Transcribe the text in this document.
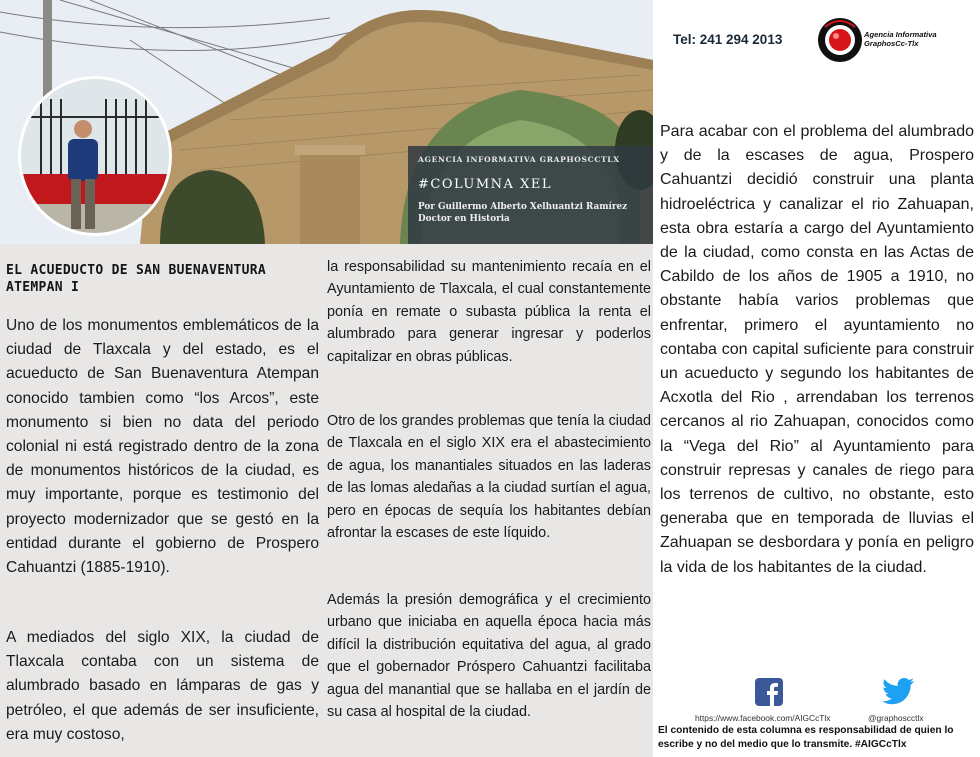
AGENCIA INFORMATIVA GRAPHOSCCTLX
#COLUMNA XEL
Por Guillermo Alberto Xelhuantzi Ramírez
Doctor en Historia
EL ACUEDUCTO DE SAN BUENAVENTURA
ATEMPAN I

Uno de los monumentos emblemáticos de la ciudad de Tlaxcala y del estado, es el acueducto de San Buenaventura Atempan conocido tambien como “los Arcos”, este monumento si bien no data del periodo colonial ni está registrado dentro de la zona de monumentos históricos de la ciudad, es muy importante, porque es testimonio del proyecto modernizador que se gestó en la entidad durante el gobierno de Prospero Cahuantzi (1885-1910).

A mediados del siglo XIX, la ciudad de Tlaxcala contaba con un sistema de alumbrado basado en lámparas de gas y petróleo, el que además de ser insuficiente, era muy costoso,

la responsabilidad su mantenimiento recaía en el Ayuntamiento de Tlaxcala, el cual constantemente ponía en remate o subasta pública la renta el alumbrado para generar ingresar y poderlos capitalizar en obras públicas.

Otro de los grandes problemas que tenía la ciudad de Tlaxcala en el siglo XIX era el abastecimiento de agua, los manantiales situados en las laderas de las lomas aledañas a la ciudad surtían el agua, pero en épocas de sequía los habitantes debían afrontar la escases de este líquido.

Además la presión demográfica y el crecimiento urbano que iniciaba en aquella época hacia más difícil la distribución equitativa del agua, al grado que el gobernador Próspero Cahuantzi facilitaba agua del manantial que se hallaba en el jardín de su casa al hospital de la ciudad.

Tel: 241 294 2013	Agencia Informativa
GraphosCc-Tlx

Para acabar con el problema del alumbrado y de la escases de agua, Prospero Cahuantzi decidió construir una planta hidroeléctrica y canalizar el rio Zahuapan, esta obra estaría a cargo del Ayuntamiento de la ciudad, como consta en las Actas de Cabildo de los años de 1905 a 1910, no obstante había varios problemas que enfrentar, primero el ayuntamiento no contaba con capital suficiente para construir un acueducto y segundo los habitantes de Acxotla del Rio , arrendaban los terrenos cercanos al rio Zahuapan, conocidos como la “Vega del Rio” al Ayuntamiento para construir represas y canales de riego para los terrenos de cultivo, no obstante, esto generaba que en temporada de lluvias el Zahuapan se desbordara y ponía en peligro la vida de los habitantes de la ciudad.

https://www.facebook.com/AIGCcTlx	@graphoscctlx
El contenido de esta columna es responsabilidad de quien lo escribe y no del medio que lo transmite. #AIGCcTlx
